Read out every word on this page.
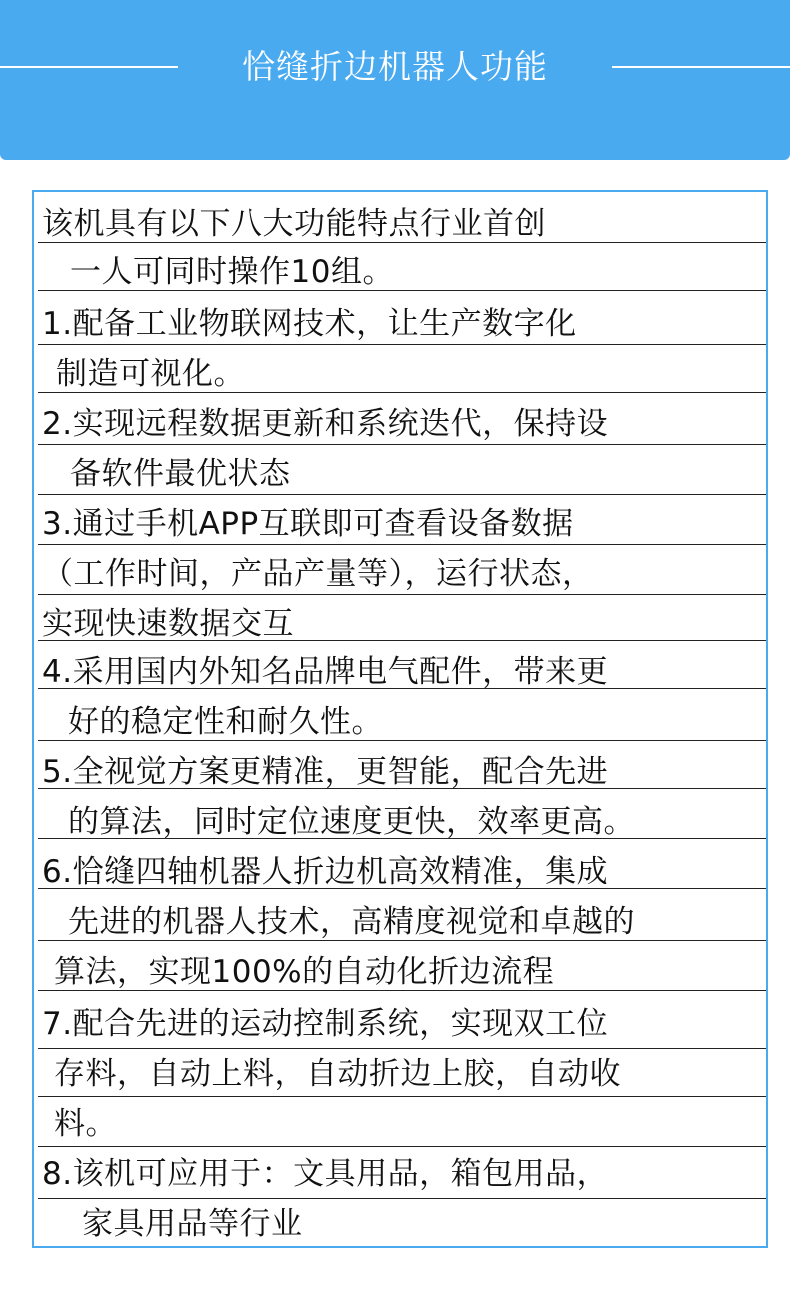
恰缝折边机器人功能
该机具有以下八大功能特点行业首创
一人可同时操作10组。
1.配备工业物联网技术，让生产数字化
制造可视化。
2.实现远程数据更新和系统迭代，保持设
备软件最优状态
3.通过手机APP互联即可查看设备数据
（工作时间，产品产量等），运行状态，
实现快速数据交互
4.采用国内外知名品牌电气配件，带来更
好的稳定性和耐久性。
5.全视觉方案更精准，更智能，配合先进
的算法，同时定位速度更快，效率更高。
6.恰缝四轴机器人折边机高效精准，集成
先进的机器人技术，高精度视觉和卓越的
算法，实现100%的自动化折边流程
7.配合先进的运动控制系统，实现双工位
存料，自动上料，自动折边上胶，自动收
料。
8.该机可应用于：文具用品，箱包用品，
家具用品等行业
